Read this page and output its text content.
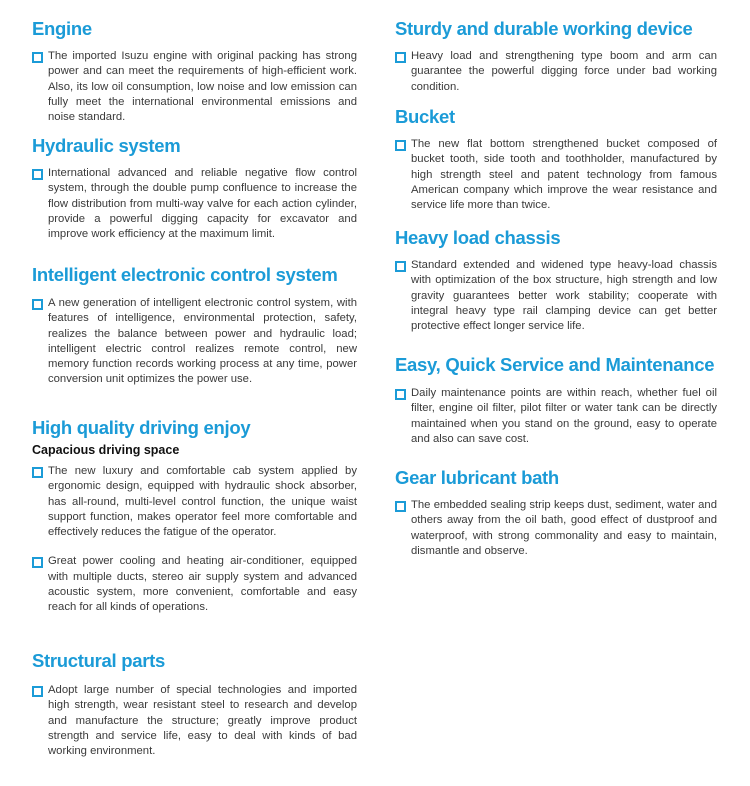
Engine

The imported Isuzu engine with original packing has strong power and can meet the requirements of high-efficient work. Also, its low oil consumption, low noise and low emission can fully meet the international environmental emissions and noise standard.

Hydraulic system

International advanced and reliable negative flow control system, through the double pump confluence to increase the flow distribution from multi-way valve for each action cylinder, provide a powerful digging capacity for excavator and improve work efficiency at the maximum limit.

Intelligent electronic control system

A new generation of intelligent electronic control system, with features of intelligence, environmental protection, safety, realizes the balance between power and hydraulic load; intelligent electric control realizes remote control, new memory function records working process at any time, power conversion unit optimizes the power use.

High quality driving enjoy
Capacious driving space

The new luxury and comfortable cab system applied by ergonomic design, equipped with hydraulic shock absorber, has all-round, multi-level control function, the unique waist support function, makes operator feel more comfortable and effectively reduces the fatigue of the operator.

Great power cooling and heating air-conditioner, equipped with multiple ducts, stereo air supply system and advanced acoustic system, more convenient, comfortable and easy reach for all kinds of operations.

Structural parts

Adopt large number of special technologies and imported high strength, wear resistant steel to research and develop and manufacture the structure; greatly improve product strength and service life, easy to deal with kinds of bad working environment.

Sturdy and durable working device

Heavy load and strengthening type boom and arm can guarantee the powerful digging force under bad working condition.

Bucket

The new flat bottom strengthened bucket composed of bucket tooth, side tooth and toothholder, manufactured by high strength steel and patent technology from famous American company which improve the wear resistance and service life more than twice.

Heavy load chassis

Standard extended and widened type heavy-load chassis with optimization of the box structure, high strength and low gravity guarantees better work stability; cooperate with integral heavy type rail clamping device can get better protective effect longer service life.

Easy, Quick Service and Maintenance

Daily maintenance points are within reach, whether fuel oil filter, engine oil filter, pilot filter or water tank can be directly maintained when you stand on the ground, easy to operate and also can save cost.

Gear lubricant bath

The embedded sealing strip keeps dust, sediment, water and others away from the oil bath, good effect of dustproof and waterproof, with strong commonality and easy to maintain, dismantle and observe.
